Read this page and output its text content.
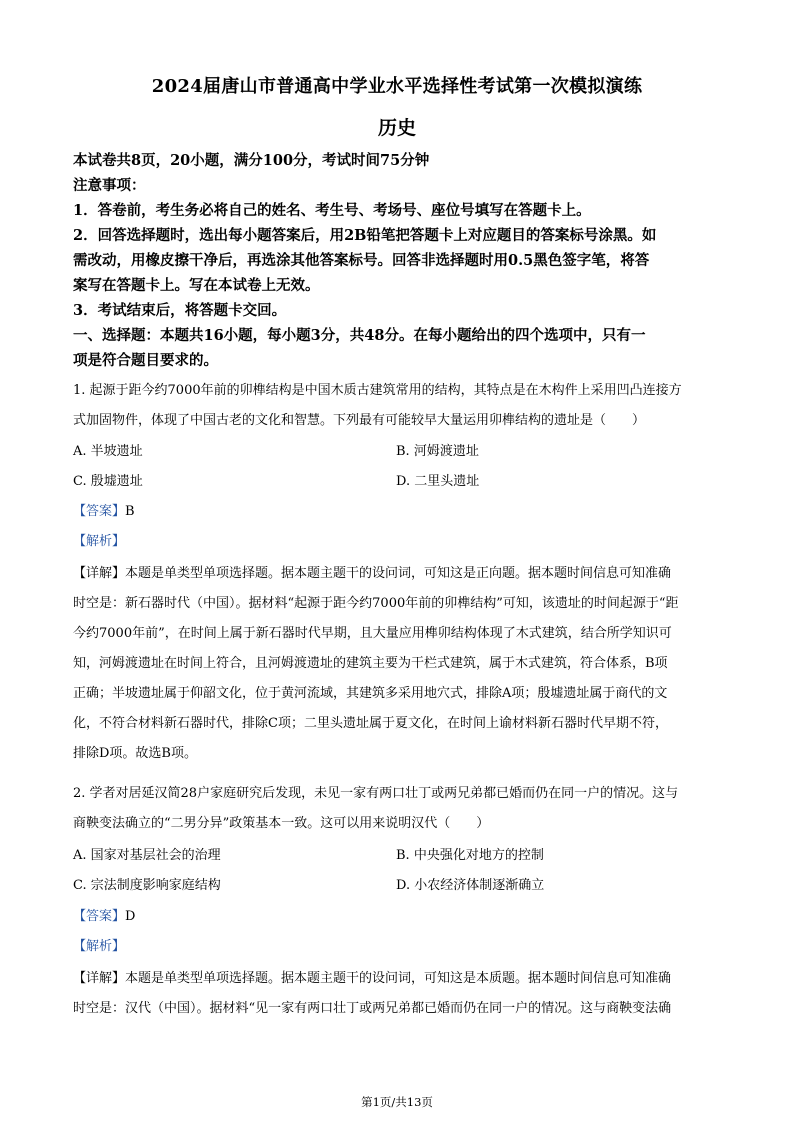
2024届唐山市普通高中学业水平选择性考试第一次模拟演练
历史
本试卷共8页，20小题，满分100分，考试时间75分钟
注意事项：
1．答卷前，考生务必将自己的姓名、考生号、考场号、座位号填写在答题卡上。
2．回答选择题时，选出每小题答案后，用2B铅笔把答题卡上对应题目的答案标号涂黑。如
需改动，用橡皮擦干净后，再选涂其他答案标号。回答非选择题时用0.5黑色签字笔，将答
案写在答题卡上。写在本试卷上无效。
3．考试结束后，将答题卡交回。
一、选择题：本题共16小题，每小题3分，共48分。在每小题给出的四个选项中，只有一
项是符合题目要求的。
1. 起源于距今约7000年前的卯榫结构是中国木质古建筑常用的结构，其特点是在木构件上采用凹凸连接方
式加固物件，体现了中国古老的文化和智慧。下列最有可能较早大量运用卯榫结构的遗址是（　　）
A. 半坡遗址	B. 河姆渡遗址
C. 殷墟遗址	D. 二里头遗址
【答案】B
【解析】
【详解】本题是单类型单项选择题。据本题主题干的设问词，可知这是正向题。据本题时间信息可知准确
时空是：新石器时代（中国）。据材料“起源于距今约7000年前的卯榫结构”可知，该遗址的时间起源于“距
今约7000年前”，在时间上属于新石器时代早期，且大量应用榫卯结构体现了木式建筑，结合所学知识可
知，河姆渡遗址在时间上符合，且河姆渡遗址的建筑主要为干栏式建筑，属于木式建筑，符合体系，B项
正确；半坡遗址属于仰韶文化，位于黄河流域，其建筑多采用地穴式，排除A项；殷墟遗址属于商代的文
化，不符合材料新石器时代，排除C项；二里头遗址属于夏文化，在时间上谕材料新石器时代早期不符，
排除D项。故选B项。
2. 学者对居延汉简28户家庭研究后发现，未见一家有两口壮丁或两兄弟都已婚而仍在同一户的情况。这与
商鞅变法确立的“二男分异”政策基本一致。这可以用来说明汉代（　　）
A. 国家对基层社会的治理	B. 中央强化对地方的控制
C. 宗法制度影响家庭结构	D. 小农经济体制逐渐确立
【答案】D
【解析】
【详解】本题是单类型单项选择题。据本题主题干的设问词，可知这是本质题。据本题时间信息可知准确
时空是：汉代（中国）。据材料“见一家有两口壮丁或两兄弟都已婚而仍在同一户的情况。这与商鞅变法确
第1页/共13页
